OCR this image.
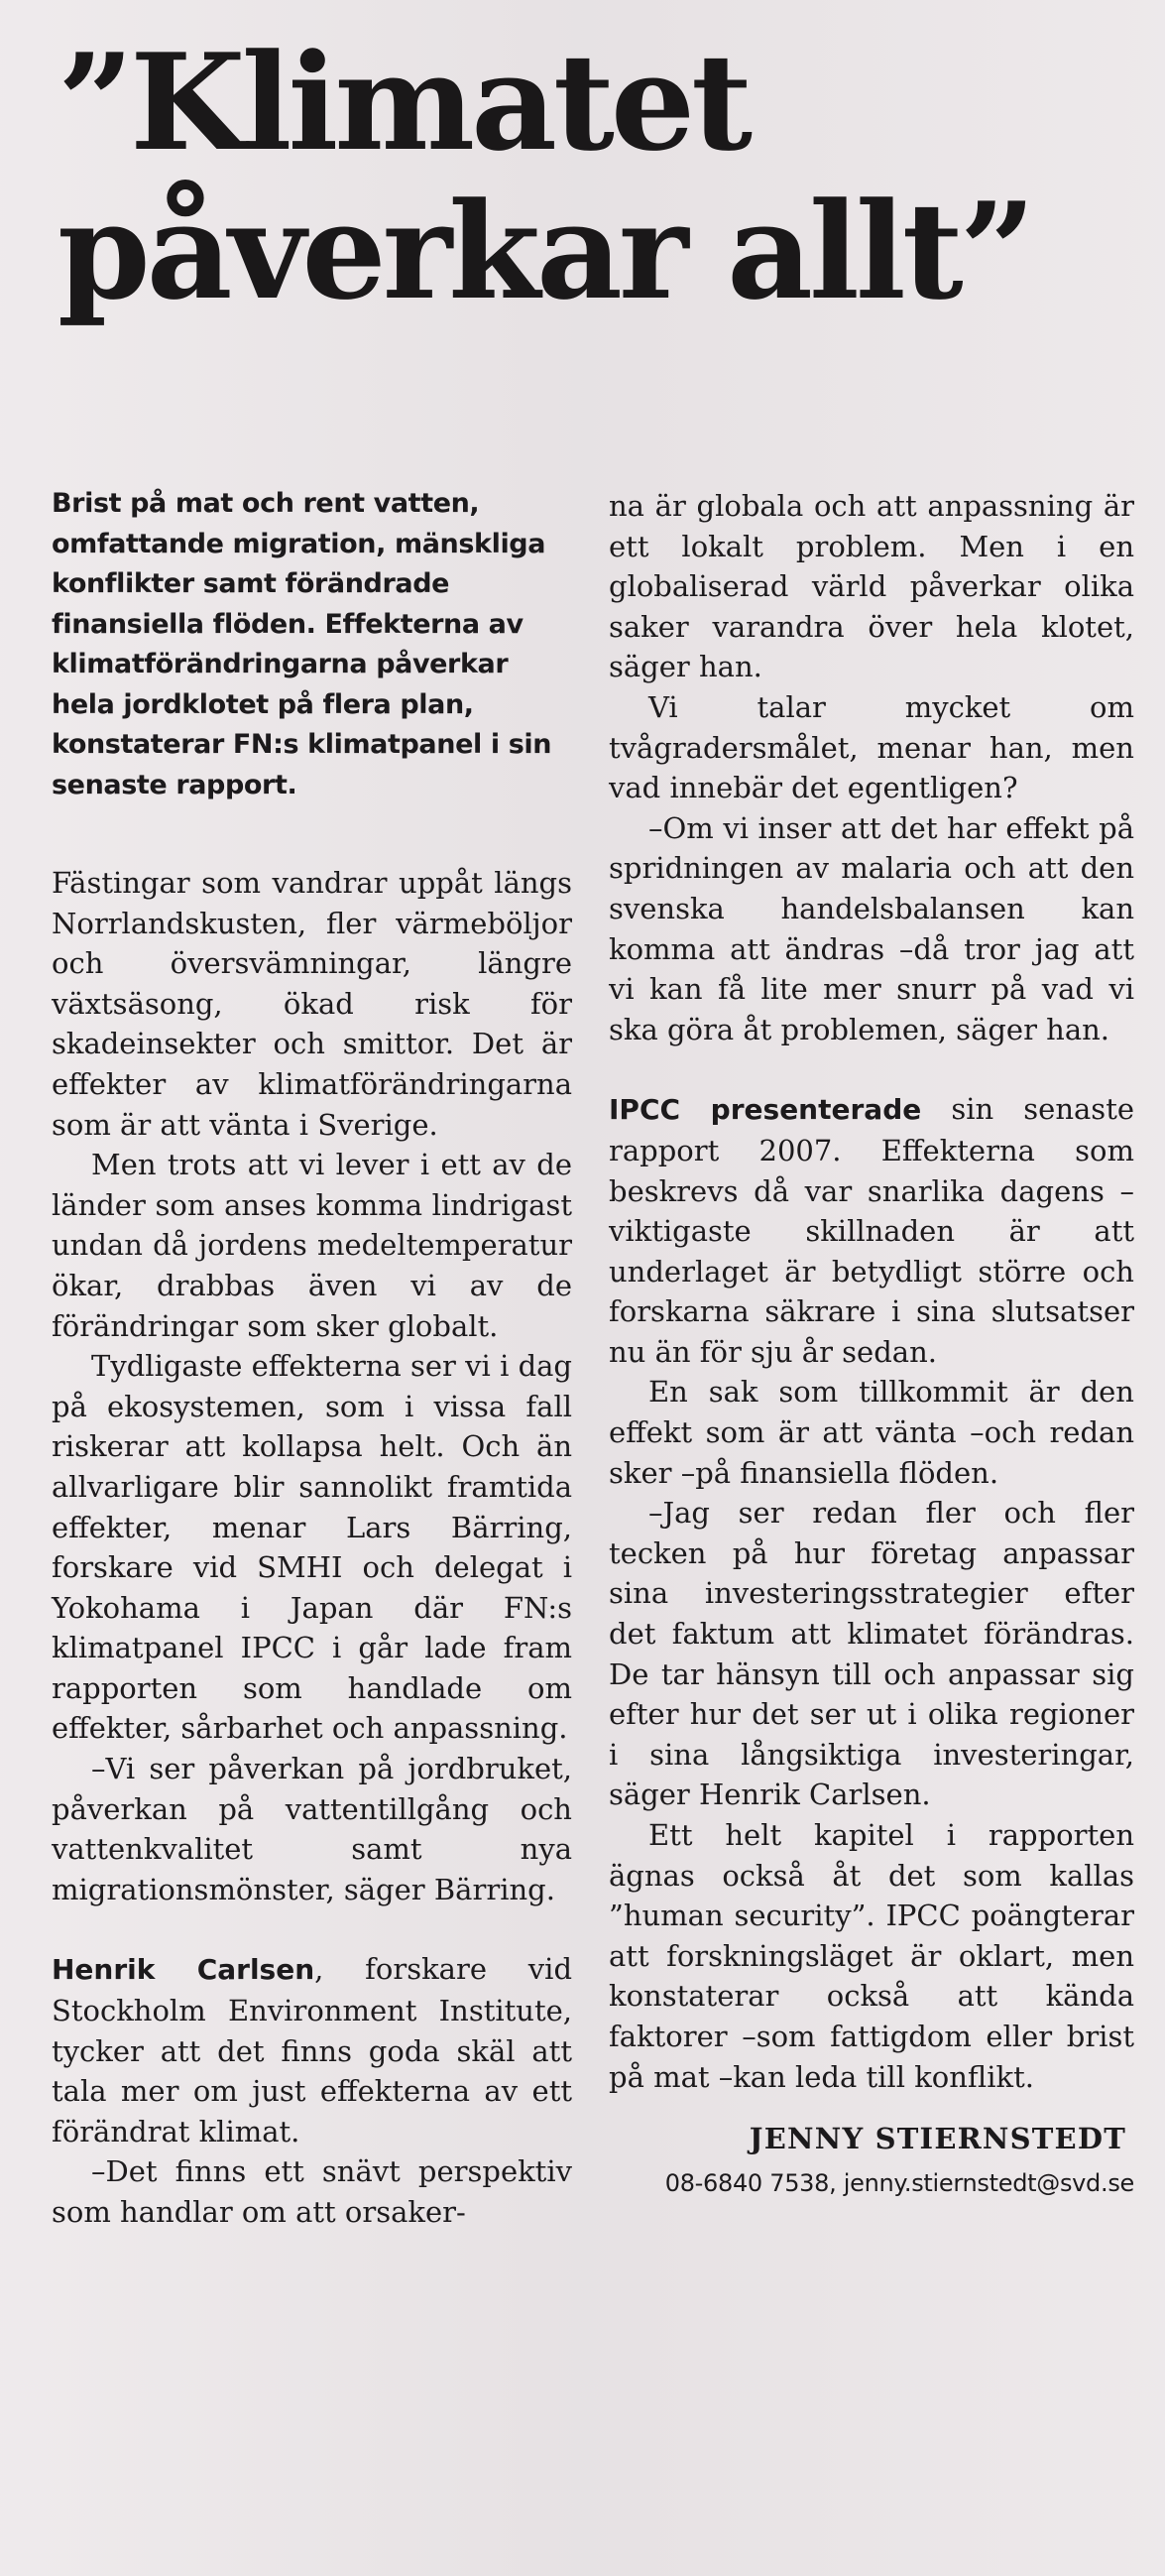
”Klimatet
påverkar allt”

Brist på mat och rent vatten, omfattande migration, mänskliga konflikter samt förändrade finansiella flöden. Effekterna av klimatförändringarna påverkar hela jordklotet på flera plan, konstaterar FN:s klimatpanel i sin senaste rapport.

Fästingar som vandrar uppåt längs Norrlandskusten, fler värmeböljor och översvämningar, längre växtsäsong, ökad risk för skadeinsekter och smittor. Det är effekter av klimatförändringarna som är att vänta i Sverige.

Men trots att vi lever i ett av de länder som anses komma lindrigast undan då jordens medeltemperatur ökar, drabbas även vi av de förändringar som sker globalt.

Tydligaste effekterna ser vi i dag på ekosystemen, som i vissa fall riskerar att kollapsa helt. Och än allvarligare blir sannolikt framtida effekter, menar Lars Bärring, forskare vid SMHI och delegat i Yokohama i Japan där FN:s klimatpanel IPCC i går lade fram rapporten som handlade om effekter, sårbarhet och anpassning.

–Vi ser påverkan på jordbruket, påverkan på vattentillgång och vattenkvalitet samt nya migrationsmönster, säger Bärring.

Henrik Carlsen, forskare vid Stockholm Environment Institute, tycker att det finns goda skäl att tala mer om just effekterna av ett förändrat klimat.

–Det finns ett snävt perspektiv som handlar om att orsaker-

na är globala och att anpassning är ett lokalt problem. Men i en globaliserad värld påverkar olika saker varandra över hela klotet, säger han.

Vi talar mycket om tvågradersmålet, menar han, men vad innebär det egentligen?

–Om vi inser att det har effekt på spridningen av malaria och att den svenska handelsbalansen kan komma att ändras –då tror jag att vi kan få lite mer snurr på vad vi ska göra åt problemen, säger han.

IPCC presenterade sin senaste rapport 2007. Effekterna som beskrevs då var snarlika dagens –viktigaste skillnaden är att underlaget är betydligt större och forskarna säkrare i sina slutsatser nu än för sju år sedan.

En sak som tillkommit är den effekt som är att vänta –och redan sker –på finansiella flöden.

–Jag ser redan fler och fler tecken på hur företag anpassar sina investeringsstrategier efter det faktum att klimatet förändras. De tar hänsyn till och anpassar sig efter hur det ser ut i olika regioner i sina långsiktiga investeringar, säger Henrik Carlsen.

Ett helt kapitel i rapporten ägnas också åt det som kallas ”human security”. IPCC poängterar att forskningsläget är oklart, men konstaterar också att kända faktorer –som fattigdom eller brist på mat –kan leda till konflikt.

JENNY STIERNSTEDT
08-6840 7538, jenny.stiernstedt@svd.se
